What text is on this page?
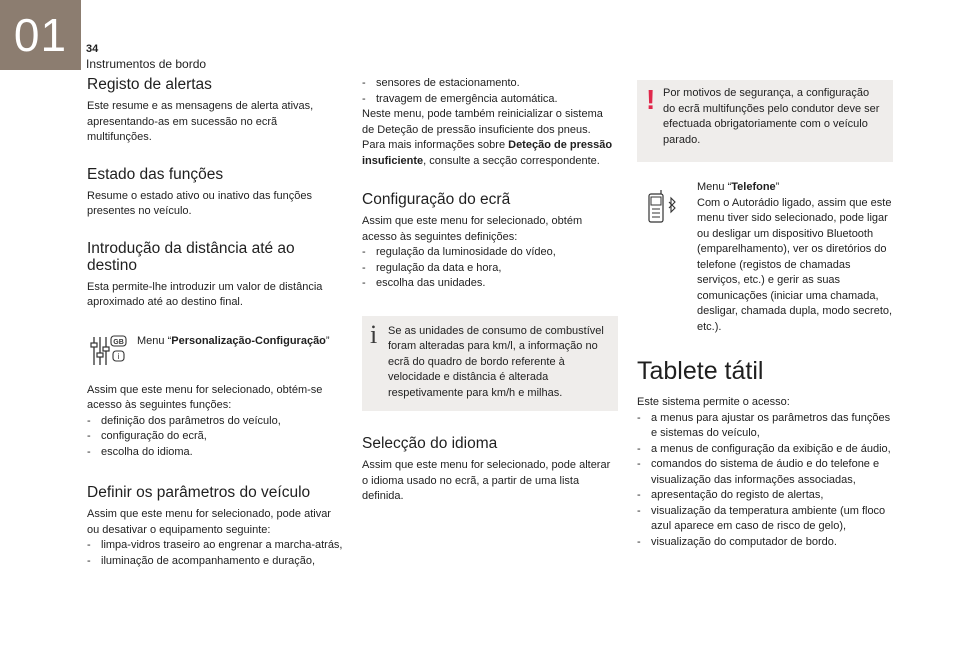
01	34
Instrumentos de bordo
Registo de alertas

Este resume e as mensagens de alerta ativas, apresentando-as em sucessão no ecrã multifunções.

Estado das funções

Resume o estado ativo ou inativo das funções presentes no veículo.

Introdução da distância até ao destino

Esta permite-lhe introduzir um valor de distância aproximado até ao destino final.

GB
i

Menu “Personalização-Configuração”

Assim que este menu for selecionado, obtém-se acesso às seguintes funções:

- definição dos parâmetros do veículo,
- configuração do ecrã,
- escolha do idioma.
Definir os parâmetros do veículo

Assim que este menu for selecionado, pode ativar ou desativar o equipamento seguinte:

- limpa-vidros traseiro ao engrenar a marcha-atrás,
- iluminação de acompanhamento e duração,
- sensores de estacionamento.
- travagem de emergência automática.

Neste menu, pode também reinicializar o sistema de Deteção de pressão insuficiente dos pneus.

Para mais informações sobre Deteção de pressão insuficiente, consulte a secção correspondente.

Configuração do ecrã

Assim que este menu for selecionado, obtém acesso às seguintes definições:

- regulação da luminosidade do vídeo,
- regulação da data e hora,
- escolha das unidades.
i Se as unidades de consumo de combustível foram alteradas para km/l, a informação no ecrã do quadro de bordo referente à velocidade e distância é alterada respetivamente para km/h e milhas.

Selecção do idioma

Assim que este menu for selecionado, pode alterar o idioma usado no ecrã, a partir de uma lista definida.

! Por motivos de segurança, a configuração do ecrã multifunções pelo condutor deve ser efectuada obrigatoriamente com o veículo parado.

Menu “Telefone”

Com o Autorádio ligado, assim que este menu tiver sido selecionado, pode ligar ou desligar um dispositivo Bluetooth (emparelhamento), ver os diretórios do telefone (registos de chamadas serviços, etc.) e gerir as suas comunicações (iniciar uma chamada, desligar, chamada dupla, modo secreto, etc.).

Tablete tátil

Este sistema permite o acesso:

- a menus para ajustar os parâmetros das funções e sistemas do veículo,
- a menus de configuração da exibição e de áudio,
- comandos do sistema de áudio e do telefone e visualização das informações associadas,
- apresentação do registo de alertas,
- visualização da temperatura ambiente (um floco azul aparece em caso de risco de gelo),
- visualização do computador de bordo.
